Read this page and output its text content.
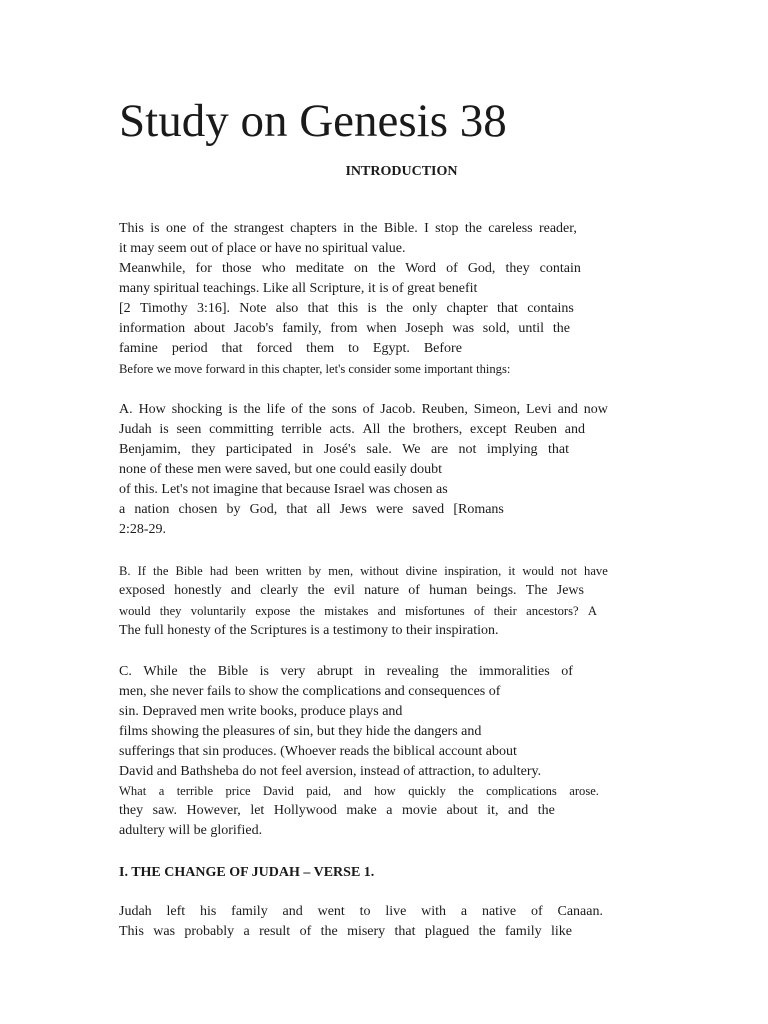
Study on Genesis 38
INTRODUCTION

This is one of the strangest chapters in the Bible. I stop the careless reader,

it may seem out of place or have no spiritual value.

Meanwhile, for those who meditate on the Word of God, they contain

many spiritual teachings. Like all Scripture, it is of great benefit

[2 Timothy 3:16]. Note also that this is the only chapter that contains

information about Jacob's family, from when Joseph was sold, until the

famine period that forced them to Egypt. Before

Before we move forward in this chapter, let's consider some important things:

A. How shocking is the life of the sons of Jacob. Reuben, Simeon, Levi and now

Judah is seen committing terrible acts. All the brothers, except Reuben and

Benjamim, they participated in José's sale. We are not implying that

none of these men were saved, but one could easily doubt

of this. Let's not imagine that because Israel was chosen as

a nation chosen by God, that all Jews were saved [Romans

2:28-29.

B. If the Bible had been written by men, without divine inspiration, it would not have

exposed honestly and clearly the evil nature of human beings. The Jews

would they voluntarily expose the mistakes and misfortunes of their ancestors? A

The full honesty of the Scriptures is a testimony to their inspiration.

C. While the Bible is very abrupt in revealing the immoralities of

men, she never fails to show the complications and consequences of

sin. Depraved men write books, produce plays and

films showing the pleasures of sin, but they hide the dangers and

sufferings that sin produces. (Whoever reads the biblical account about

David and Bathsheba do not feel aversion, instead of attraction, to adultery.

What a terrible price David paid, and how quickly the complications arose.

they saw. However, let Hollywood make a movie about it, and the

adultery will be glorified.

I. THE CHANGE OF JUDAH – VERSE 1.

Judah left his family and went to live with a native of Canaan.

This was probably a result of the misery that plagued the family like
